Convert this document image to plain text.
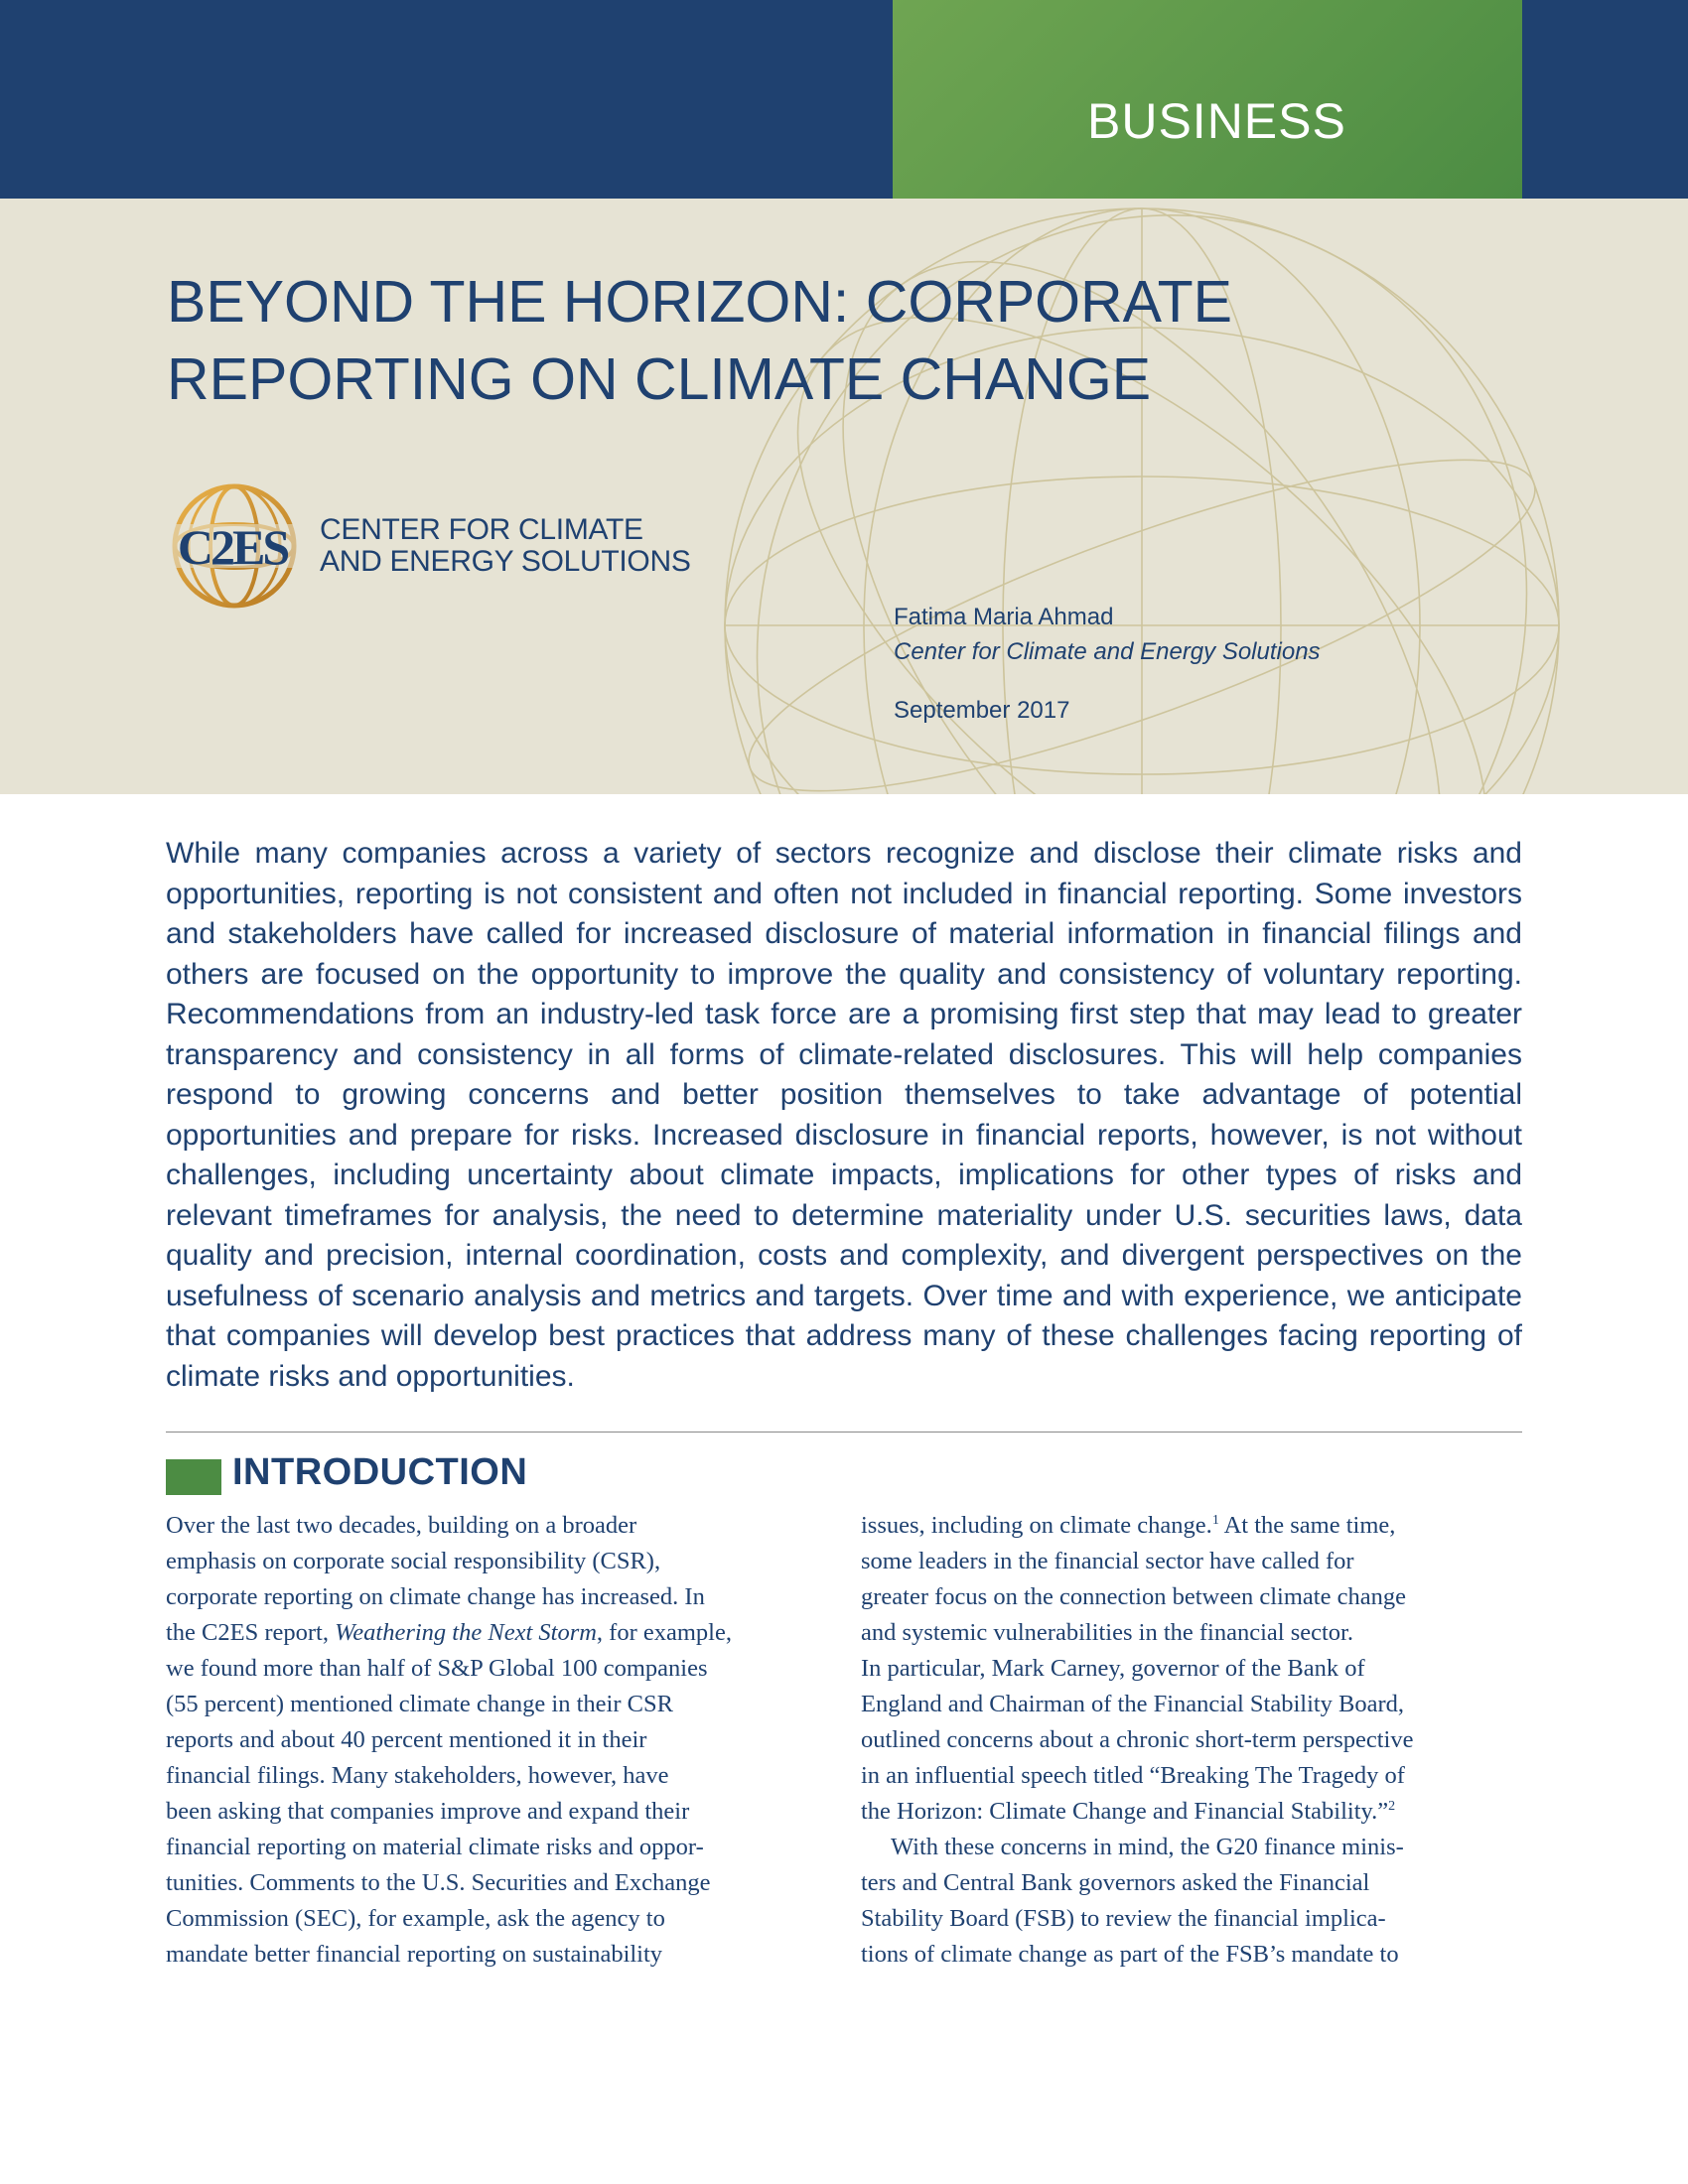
BUSINESS
BEYOND THE HORIZON: CORPORATE
REPORTING ON CLIMATE CHANGE
C2ES CENTER FOR CLIMATE
AND ENERGY SOLUTIONS
Fatima Maria Ahmad
Center for Climate and Energy Solutions
September 2017

While many companies across a variety of sectors recognize and disclose their climate risks and opportunities, reporting is not consistent and often not included in financial reporting. Some investors and stakeholders have called for increased disclosure of material information in financial filings and others are focused on the opportunity to improve the quality and consistency of voluntary reporting. Recommendations from an industry-led task force are a promising first step that may lead to greater transparency and consistency in all forms of climate-related disclosures. This will help companies respond to growing concerns and better position themselves to take advantage of potential opportunities and prepare for risks. Increased disclosure in financial reports, however, is not without challenges, including uncertainty about climate impacts, implications for other types of risks and relevant timeframes for analysis, the need to determine materiality under U.S. securities laws, data quality and precision, internal coordination, costs and complexity, and divergent perspectives on the usefulness of scenario analysis and metrics and targets. Over time and with experience, we anticipate that companies will develop best practices that address many of these challenges facing reporting of climate risks and opportunities.

INTRODUCTION
Over the last two decades, building on a broader
emphasis on corporate social responsibility (CSR),
corporate reporting on climate change has increased. In
the C2ES report, Weathering the Next Storm, for example,
we found more than half of S&P Global 100 companies
(55 percent) mentioned climate change in their CSR
reports and about 40 percent mentioned it in their
financial filings. Many stakeholders, however, have
been asking that companies improve and expand their
financial reporting on material climate risks and oppor-
tunities. Comments to the U.S. Securities and Exchange
Commission (SEC), for example, ask the agency to
mandate better financial reporting on sustainability
issues, including on climate change.$^1$ At the same time,
some leaders in the financial sector have called for
greater focus on the connection between climate change
and systemic vulnerabilities in the financial sector.
In particular, Mark Carney, governor of the Bank of
England and Chairman of the Financial Stability Board,
outlined concerns about a chronic short-term perspective
in an influential speech titled “Breaking The Tragedy of
the Horizon: Climate Change and Financial Stability.”$^2$
With these concerns in mind, the G20 finance minis-
ters and Central Bank governors asked the Financial
Stability Board (FSB) to review the financial implica-
tions of climate change as part of the FSB’s mandate to
